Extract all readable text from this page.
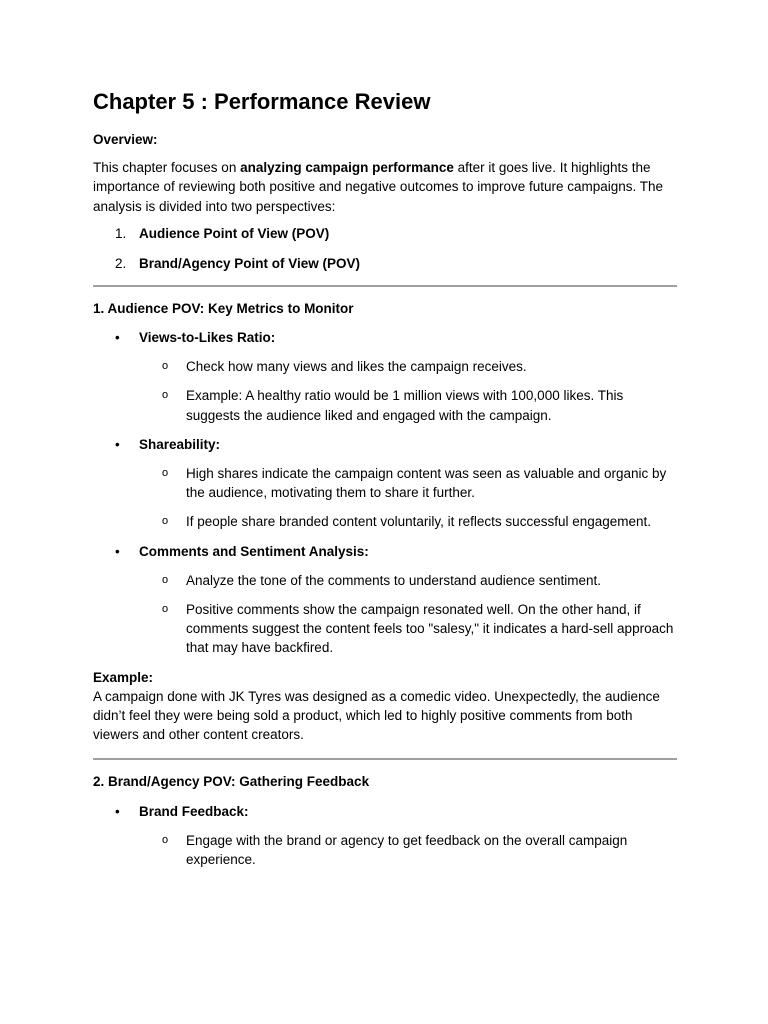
Chapter 5 : Performance Review

Overview:

This chapter focuses on analyzing campaign performance after it goes live. It highlights the importance of reviewing both positive and negative outcomes to improve future campaigns. The analysis is divided into two perspectives:

1. Audience Point of View (POV)
2. Brand/Agency Point of View (POV)

1. Audience POV: Key Metrics to Monitor

• Views-to-Likes Ratio:
o Check how many views and likes the campaign receives.
o Example: A healthy ratio would be 1 million views with 100,000 likes. This suggests the audience liked and engaged with the campaign.
• Shareability:
o High shares indicate the campaign content was seen as valuable and organic by the audience, motivating them to share it further.
o If people share branded content voluntarily, it reflects successful engagement.
• Comments and Sentiment Analysis:
o Analyze the tone of the comments to understand audience sentiment.
o Positive comments show the campaign resonated well. On the other hand, if comments suggest the content feels too "salesy," it indicates a hard-sell approach that may have backfired.

Example:

A campaign done with JK Tyres was designed as a comedic video. Unexpectedly, the audience didn’t feel they were being sold a product, which led to highly positive comments from both viewers and other content creators.

2. Brand/Agency POV: Gathering Feedback

• Brand Feedback:
o Engage with the brand or agency to get feedback on the overall campaign experience.
